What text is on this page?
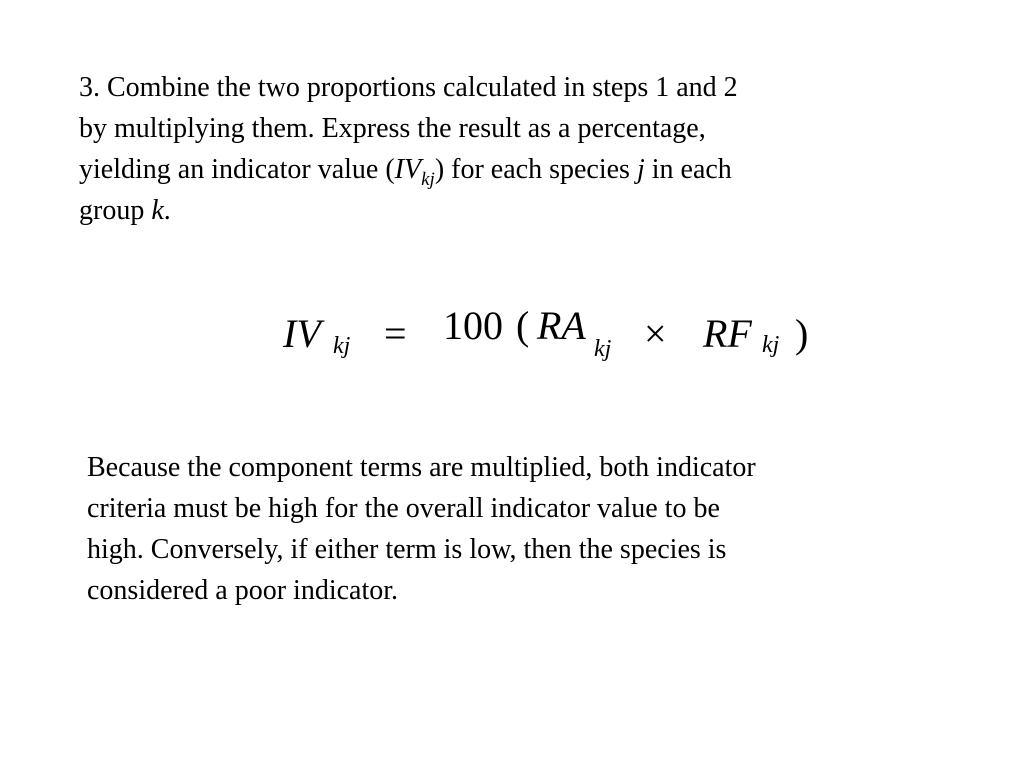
3. Combine the two proportions calculated in steps 1 and 2
by multiplying them. Express the result as a percentage,
yielding an indicator value $(IV_{kj})$ for each species j in each
group k.
IV kj = 100 ( RA
kj × RF kj )
Because the component terms are multiplied, both indicator
criteria must be high for the overall indicator value to be
high. Conversely, if either term is low, then the species is
considered a poor indicator.
